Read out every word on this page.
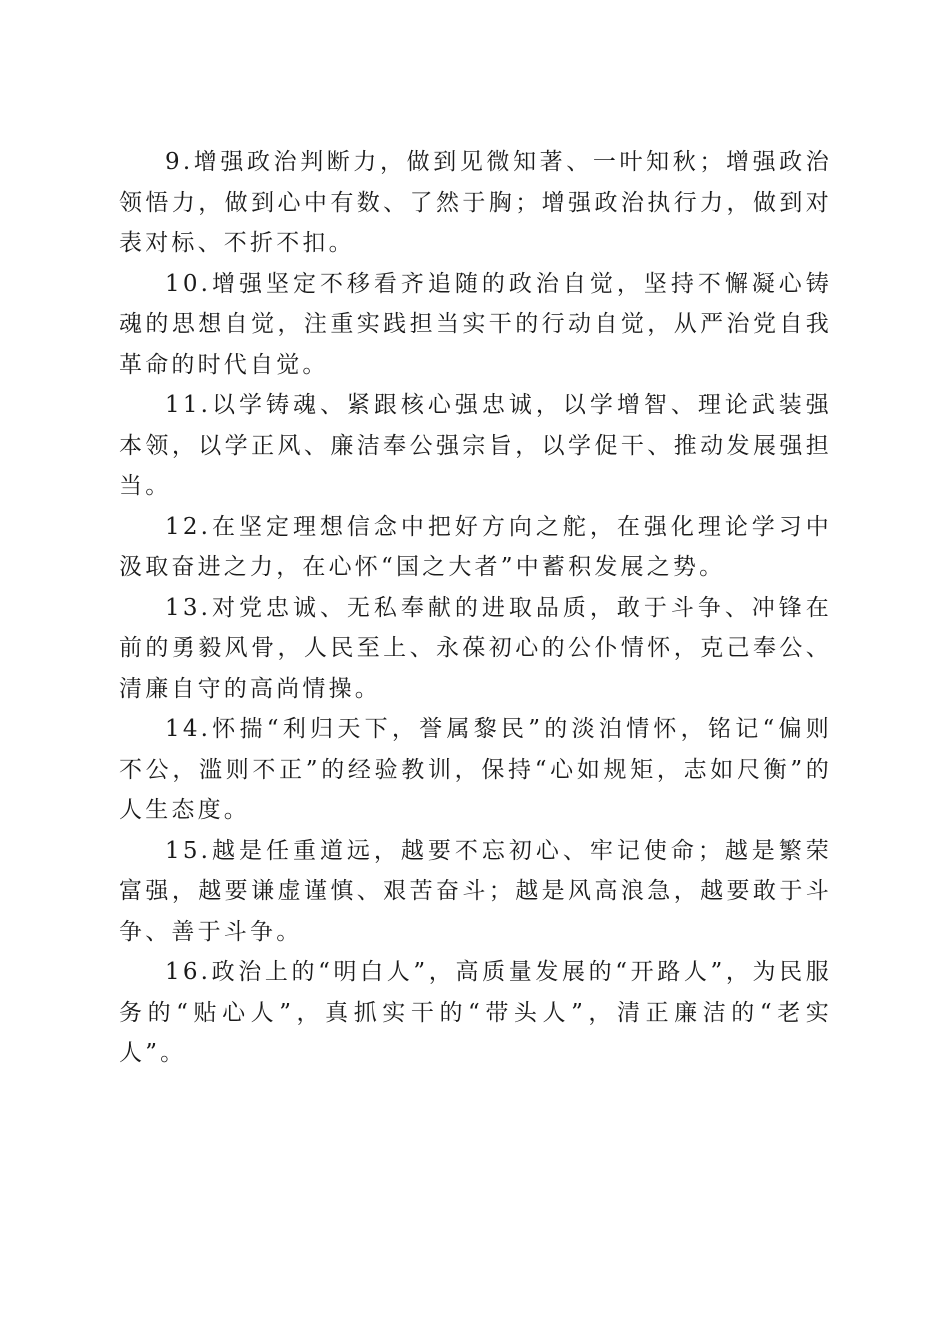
9.增强政治判断力，做到见微知著、一叶知秋；增强政治领悟力，做到心中有数、了然于胸；增强政治执行力，做到对表对标、不折不扣。

10.增强坚定不移看齐追随的政治自觉，坚持不懈凝心铸魂的思想自觉，注重实践担当实干的行动自觉，从严治党自我革命的时代自觉。

11.以学铸魂、紧跟核心强忠诚，以学增智、理论武装强本领，以学正风、廉洁奉公强宗旨，以学促干、推动发展强担当。

12.在坚定理想信念中把好方向之舵，在强化理论学习中汲取奋进之力，在心怀“国之大者”中蓄积发展之势。

13.对党忠诚、无私奉献的进取品质，敢于斗争、冲锋在前的勇毅风骨，人民至上、永葆初心的公仆情怀，克己奉公、清廉自守的高尚情操。

14.怀揣“利归天下，誉属黎民”的淡泊情怀，铭记“偏则不公，滥则不正”的经验教训，保持“心如规矩，志如尺衡”的人生态度。

15.越是任重道远，越要不忘初心、牢记使命；越是繁荣富强，越要谦虚谨慎、艰苦奋斗；越是风高浪急，越要敢于斗争、善于斗争。

16.政治上的“明白人”，高质量发展的“开路人”，为民服务的“贴心人”，真抓实干的“带头人”，清正廉洁的“老实人”。
